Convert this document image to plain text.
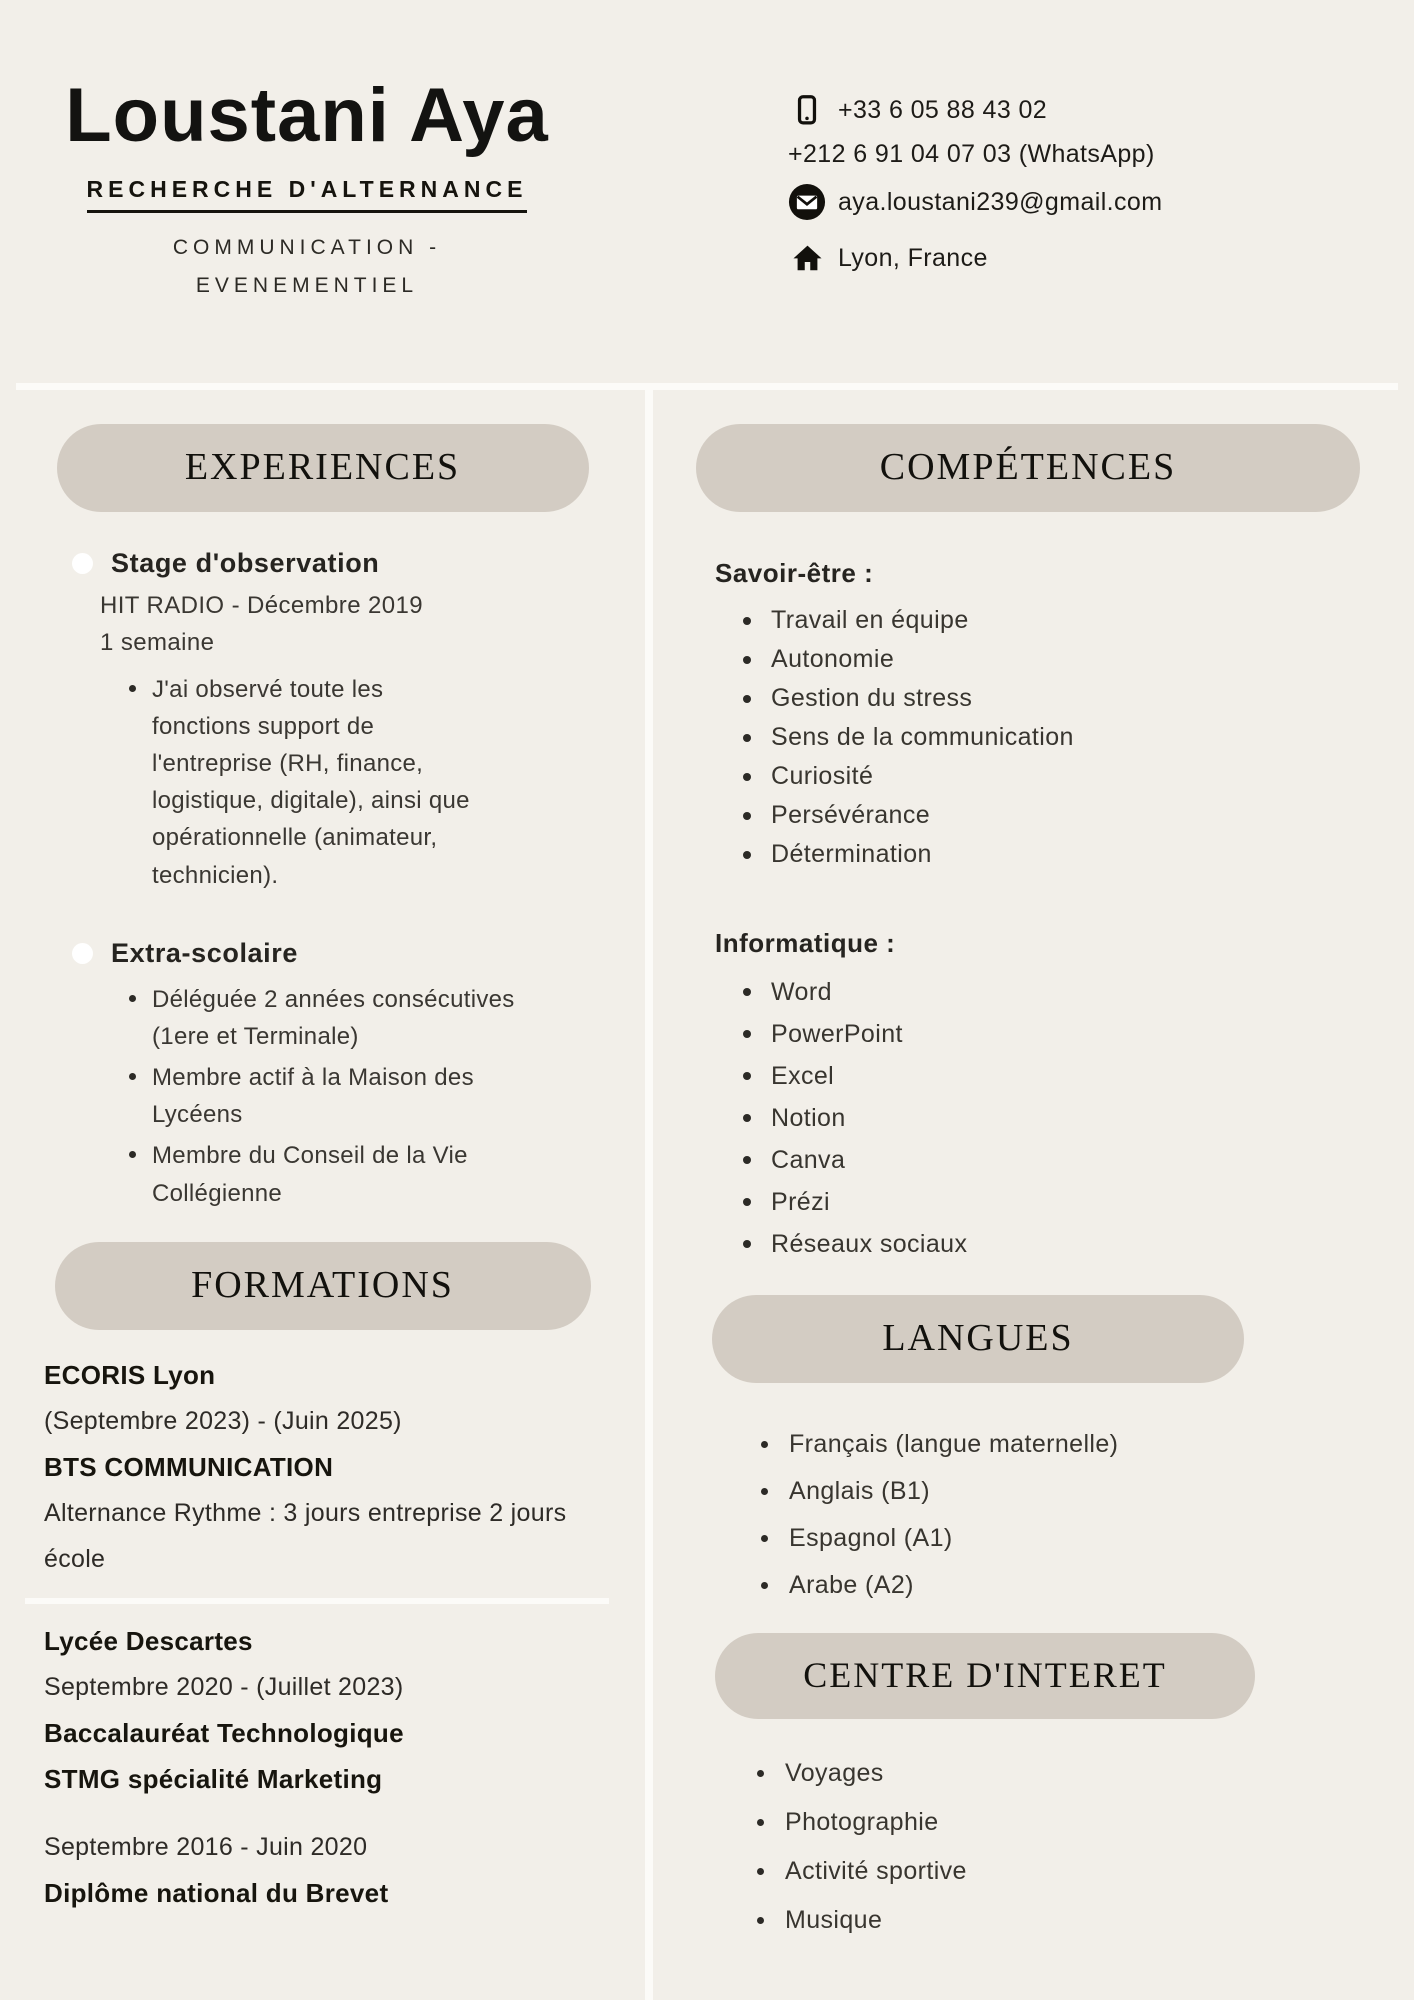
Loustani Aya
RECHERCHE D'ALTERNANCE
COMMUNICATION -
EVENEMENTIEL
+33 6 05 88 43 02
+212 6 91 04 07 03 (WhatsApp)
aya.loustani239@gmail.com
Lyon, France
EXPERIENCES
Stage d'observation
HIT RADIO - Décembre 2019
1 semaine
J'ai observé toute les fonctions support de l'entreprise (RH, finance, logistique, digitale), ainsi que opérationnelle (animateur, technicien).
Extra-scolaire
Déléguée 2 années consécutives (1ere et Terminale)
Membre actif à la Maison des Lycéens
Membre du Conseil de la Vie Collégienne
FORMATIONS
ECORIS Lyon
(Septembre 2023) - (Juin 2025)
BTS COMMUNICATION
Alternance Rythme : 3 jours entreprise 2 jours école
Lycée Descartes
Septembre 2020 - (Juillet 2023)
Baccalauréat Technologique
STMG spécialité Marketing
Septembre 2016 - Juin 2020
Diplôme national du Brevet
COMPÉTENCES
Savoir-être :
Travail en équipe
Autonomie
Gestion du stress
Sens de la communication
Curiosité
Persévérance
Détermination
Informatique :
Word
PowerPoint
Excel
Notion
Canva
Prézi
Réseaux sociaux
LANGUES
Français (langue maternelle)
Anglais (B1)
Espagnol (A1)
Arabe (A2)
CENTRE D'INTERET
Voyages
Photographie
Activité sportive
Musique
